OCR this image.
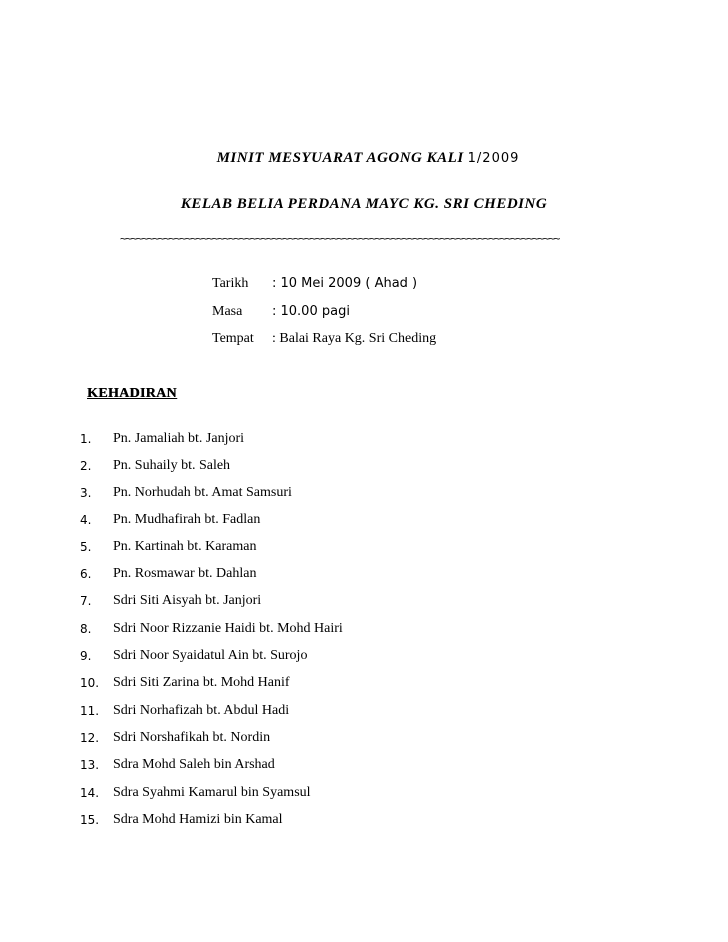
MINIT MESYUARAT AGONG KALI 1/2009
KELAB BELIA PERDANA MAYC KG. SRI CHEDING
~~~~~~~~~~~~~~~~~~~~~~~~~~~~~~~~~~~~~~~~~~~~~~~~~~~~~~~~~~~~~~~~~~~~~~~~~~~~~~~~~
Tarikh : 10 Mei 2009 ( Ahad )
Masa : 10.00 pagi
Tempat : Balai Raya Kg. Sri Cheding
KEHADIRAN
1. Pn. Jamaliah bt. Janjori
2. Pn. Suhaily bt. Saleh
3. Pn. Norhudah bt. Amat Samsuri
4. Pn. Mudhafirah bt. Fadlan
5. Pn. Kartinah bt. Karaman
6. Pn. Rosmawar bt. Dahlan
7. Sdri Siti Aisyah bt. Janjori
8. Sdri Noor Rizzanie Haidi bt. Mohd Hairi
9. Sdri Noor Syaidatul Ain bt. Surojo
10. Sdri Siti Zarina bt. Mohd Hanif
11. Sdri Norhafizah bt. Abdul Hadi
12. Sdri Norshafikah bt. Nordin
13. Sdra Mohd Saleh bin Arshad
14. Sdra Syahmi Kamarul bin Syamsul
15. Sdra Mohd Hamizi bin Kamal
